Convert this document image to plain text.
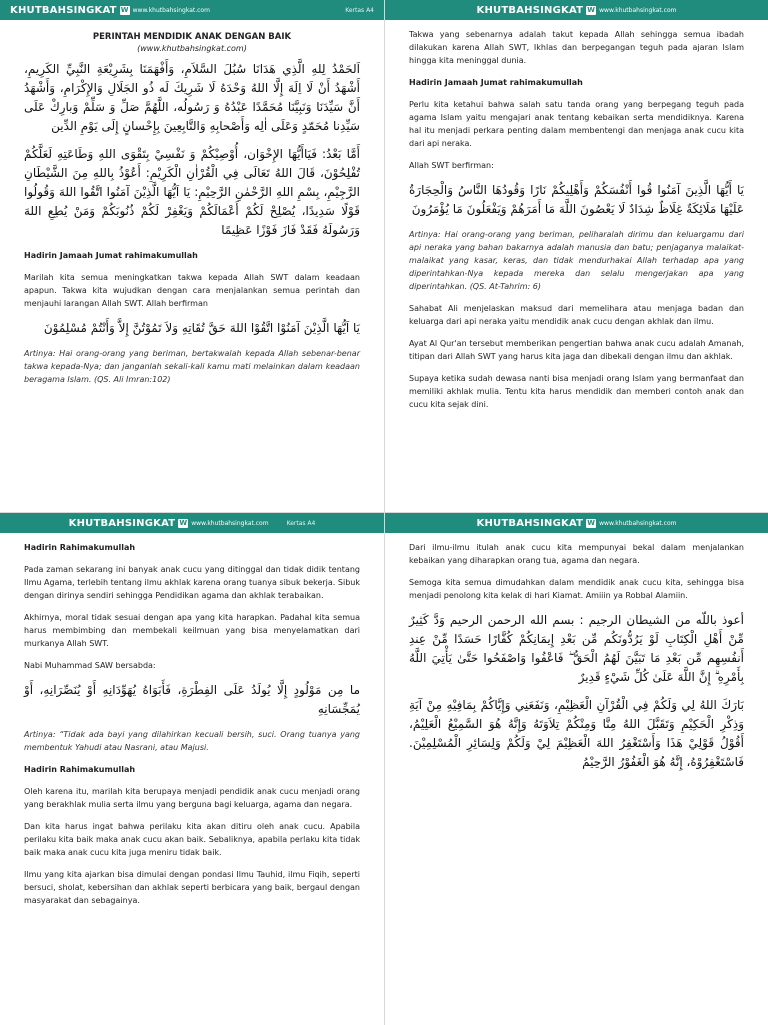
KHUTBAHSINGKAT W www.khutbahsingkat.com	Kertas A4
PERINTAH MENDIDIK ANAK DENGAN BAIK
(www.khutbahsingkat.com)
اَلحَمْدُ لِلهِ الَّذِي هَدَانَا سُبُلَ السَّلاَمِ، وَأَفْهَمَنَا بِشَرِيْعَةِ النَّبِيِّ الكَرِيمِ، أَشْهَدُ أَنْ لَا اِلَهَ إِلَّا اللهُ وَحْدَهُ لَا شَرِيكَ لَه ذُو الجَلَالِ وَالإِكْرَامِ، وَأَشْهَدُ أَنَّ سَيِّدَنَا وَنَبِيَّنَا مُحَمَّدًا عَبْدُهُ وَ رَسُولُه، اللَّهُمَّ صَلِّ وَ سَلِّمْ وَبارِكْ عَلَى سَيِّدِنا مُحَمّدٍ وَعَلَى اٰلِه وَأَصْحابِهِ وَالتَّابِعِينَ بِإِحْسانٍ إِلَى يَوْمِ الدِّين
أَمَّا بَعْدُ: فَيَاأَيُّهَا الإِخْوَان، أُوْصِيْكُمْ وَ نَفْسِيْ بِتَقْوَى اللهِ وَطَاعَتِهِ لَعَلَّكُمْ تُفْلِحُوْنَ، قَالَ اللهُ تَعَالَى فِي الْقُرْاٰنِ الْكَرِيْمِ: أَعُوْذُ بِاللهِ مِنَ الشَّيْطَانِ الرَّجِيْمِ، بِسْمِ اللهِ الرَّحْمٰنِ الرَّحِيْمِ: يَا اَيُّهَا الَّذِيْنَ آمَنُوا اتَّقُوا اللهَ وَقُولُوا قَوْلًا سَدِيدًا، يُصْلِحْ لَكُمْ أَعْمَالَكُمْ وَيَغْفِرْ لَكُمْ ذُنُوبَكُمْ وَمَنْ يُطِعِ اللهَ وَرَسُولَهُ فَقَدْ فَازَ فَوْزًا عَظِيمًا
Hadirin Jamaah Jumat rahimakumullah
Marilah kita semua meningkatkan takwa kepada Allah SWT dalam keadaan apapun. Takwa kita wujudkan dengan cara menjalankan semua perintah dan menjauhi larangan Allah SWT. Allah berfirman
يَا اَيُّهَا الَّذِيْنَ آمَنُوْا اتَّقُوْا اللهَ حَقَّ تُقَاتِهِ وَلاَ تَمُوْتُنَّ إِلاَّ وَأَنْتُمْ مُسْلِمُوْنَ
Artinya: Hai orang-orang yang beriman, bertakwalah kepada Allah sebenar-benar takwa kepada-Nya; dan janganlah sekali-kali kamu mati melainkan dalam keadaan beragama Islam. (QS. Ali Imran:102)
KHUTBAHSINGKAT W www.khutbahsingkat.com
Takwa yang sebenarnya adalah takut kepada Allah sehingga semua ibadah dilakukan karena Allah SWT, Ikhlas dan berpegangan teguh pada ajaran Islam hingga kita meninggal dunia.
Hadirin Jamaah Jumat rahimakumullah
Perlu kita ketahui bahwa salah satu tanda orang yang berpegang teguh pada agama Islam yaitu mengajari anak tentang kebaikan serta mendidiknya. Karena hal itu menjadi perkara penting dalam membentengi dan menjaga anak cucu kita dari api neraka.
Allah SWT berfirman:
يَا أَيُّهَا الَّذِينَ آمَنُوا قُوا أَنْفُسَكُمْ وَأَهْلِيكُمْ نَارًا وَقُودُهَا النَّاسُ وَالْحِجَارَةُ عَلَيْهَا مَلَائِكَةٌ غِلَاظٌ شِدَادٌ لَا يَعْصُونَ اللَّهَ مَا أَمَرَهُمْ وَيَفْعَلُونَ مَا يُؤْمَرُونَ
Artinya: Hai orang-orang yang beriman, peliharalah dirimu dan keluargamu dari api neraka yang bahan bakarnya adalah manusia dan batu; penjaganya malaikat-malaikat yang kasar, keras, dan tidak mendurhakai Allah terhadap apa yang diperintahkan-Nya kepada mereka dan selalu mengerjakan apa yang diperintahkan. (QS. At-Tahrim: 6)
Sahabat Ali menjelaskan maksud dari memelihara atau menjaga badan dan keluarga dari api neraka yaitu mendidik anak cucu dengan akhlak dan ilmu.
Ayat Al Qur'an tersebut memberikan pengertian bahwa anak cucu adalah Amanah, titipan dari Allah SWT yang harus kita jaga dan dibekali dengan ilmu dan akhlak.
Supaya ketika sudah dewasa nanti bisa menjadi orang Islam yang bermanfaat dan memiliki akhlak mulia. Tentu kita harus mendidik dan memberi contoh anak dan cucu kita sejak dini.
KHUTBAHSINGKAT W www.khutbahsingkat.com	Kertas A4
Hadirin Rahimakumullah
Pada zaman sekarang ini banyak anak cucu yang ditinggal dan tidak didik tentang Ilmu Agama, terlebih tentang ilmu akhlak karena orang tuanya sibuk bekerja. Sibuk dengan dirinya sendiri sehingga Pendidikan agama dan akhlak terabaikan.
Akhirnya, moral tidak sesuai dengan apa yang kita harapkan. Padahal kita semua harus membimbing dan membekali keilmuan yang bisa menyelamatkan dari murkanya Allah SWT.
Nabi Muhammad SAW bersabda:
ما مِن مَوْلُودٍ إِلَّا يُولَدُ عَلَى الفِطْرَةِ، فَأَبَوَاهُ يُهَوِّدَانِهِ أَوْ يُنَصِّرَانِهِ، أَوْ يُمَجِّسَانِهِ
Artinya: “Tidak ada bayi yang dilahirkan kecuali bersih, suci. Orang tuanya yang membentuk Yahudi atau Nasrani, atau Majusi.
Hadirin Rahimakumullah
Oleh karena itu, marilah kita berupaya menjadi pendidik anak cucu menjadi orang yang berakhlak mulia serta ilmu yang berguna bagi keluarga, agama dan negara.
Dan kita harus ingat bahwa perilaku kita akan ditiru oleh anak cucu. Apabila perilaku kita baik maka anak cucu akan baik. Sebaliknya, apabila perlaku kita tidak baik maka anak cucu kita juga meniru tidak baik.
Ilmu yang kita ajarkan bisa dimulai dengan pondasi Ilmu Tauhid, ilmu Fiqih, seperti bersuci, sholat, kebersihan dan akhlak seperti berbicara yang baik, bergaul dengan masyarakat dan sebagainya.
KHUTBAHSINGKAT W www.khutbahsingkat.com
Dari ilmu-ilmu itulah anak cucu kita mempunyai bekal dalam menjalankan kebaikan yang diharapkan orang tua, agama dan negara.
Semoga kita semua dimudahkan dalam mendidik anak cucu kita, sehingga bisa menjadi penolong kita kelak di hari Kiamat. Amiiin ya Robbal Alamiin.
أعوذ باللّه من الشيطان الرجيم : بسم الله الرحمن الرحيم وَدَّ كَثِيرٌ مِّنْ أَهْلِ الْكِتَابِ لَوْ يَرُدُّونَكُم مِّن بَعْدِ إِيمَانِكُمْ كُفَّارًا حَسَدًا مِّنْ عِندِ أَنفُسِهِم مِّن بَعْدِ مَا تَبَيَّنَ لَهُمُ الْحَقُّ ۖ فَاعْفُوا وَاصْفَحُوا حَتَّىٰ يَأْتِيَ اللَّهُ بِأَمْرِهِ ۗ إِنَّ اللَّهَ عَلَىٰ كُلِّ شَيْءٍ قَدِيرٌ
بَارَكَ اللهُ لِي وَلَكُمْ فِي الْقُرْآنِ الْعَظِيْمِ، وَنَفَعَنِي وَإِيَّاكُمْ بِمَافِيْهِ مِنْ آيَةِ وَذِكْرِ الْحَكِيْمِ وَتَقَبَّلَ اللهُ مِنَّا وَمِنْكُمْ تِلاَوَتَهُ وَإِنَّهُ هُوَ السَّمِيْعُ الْعَلِيْمُ، أَقُوْلُ قَوْلِيْ هَذَا وَأَسْتَغْفِرُ اللهَ الْعَظِيْمَ لِيْ وَلَكُمْ وَلِسَائِرِ الْمُسْلِمِيْنَ. فَاسْتَغْفِرُوْهُ، إِنَّهُ هُوَ الْغَفُوْرُ الرَّحِيْمُ
